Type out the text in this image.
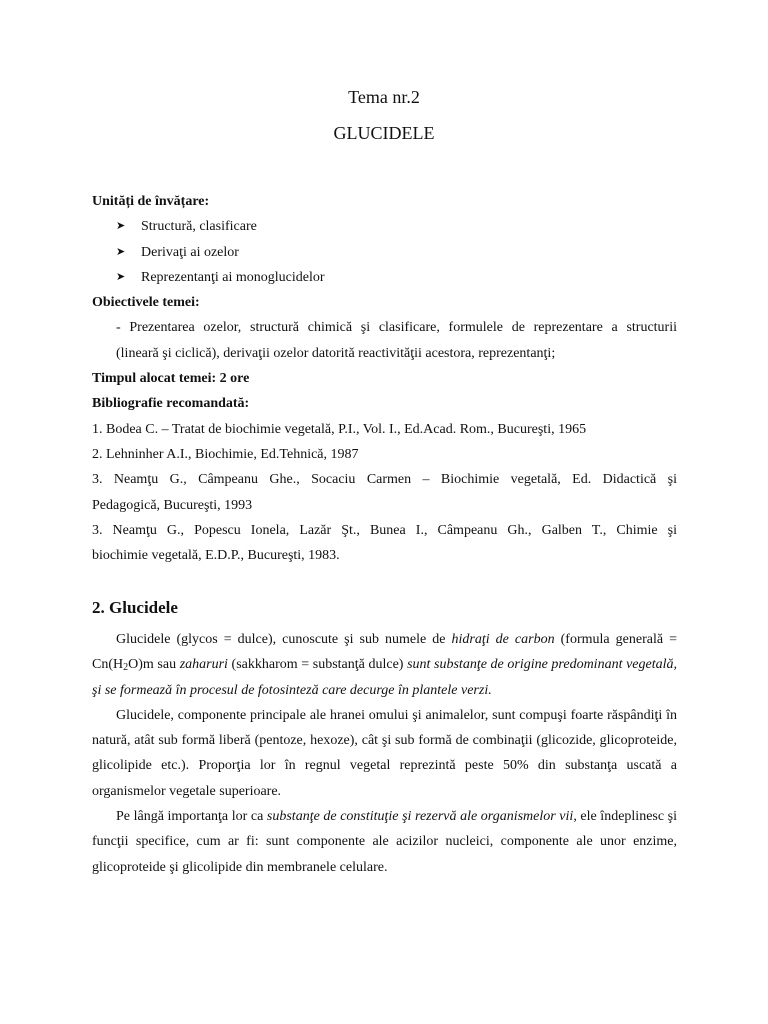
Tema nr.2
GLUCIDELE
Unități de învățare:
➤ Structură, clasificare
➤ Derivaţi ai ozelor
➤ Reprezentanţi ai monoglucidelor
Obiectivele temei:
- Prezentarea ozelor, structură chimică şi clasificare, formulele de reprezentare a structurii
(lineară şi ciclică), derivaţii ozelor datorită reactivităţii acestora, reprezentanţi;
Timpul alocat temei: 2 ore
Bibliografie recomandată:
1. Bodea C. – Tratat de biochimie vegetală, P.I., Vol. I., Ed.Acad. Rom., Bucureşti, 1965
2. Lehninher A.I., Biochimie, Ed.Tehnică, 1987
3. Neamţu G., Câmpeanu Ghe., Socaciu Carmen – Biochimie vegetală, Ed. Didactică şi
Pedagogică, Bucureşti, 1993
3. Neamţu G., Popescu Ionela, Lazăr Şt., Bunea I., Câmpeanu Gh., Galben T., Chimie şi
biochimie vegetală, E.D.P., Bucureşti, 1983.
2. Glucidele

Glucidele (glycos = dulce), cunoscute şi sub numele de hidraţi de carbon (formula generală = $Cn(H_2O)m$ sau zaharuri (sakkharom = substanţă dulce) sunt substanţe de origine predominant vegetală, şi se formează în procesul de fotosinteză care decurge în plantele verzi.

Glucidele, componente principale ale hranei omului şi animalelor, sunt compuşi foarte răspândiţi în natură, atât sub formă liberă (pentoze, hexoze), cât şi sub formă de combinaţii (glicozide, glicoproteide, glicolipide etc.). Proporţia lor în regnul vegetal reprezintă peste 50% din substanţa uscată a organismelor vegetale superioare.

Pe lângă importanţa lor ca substanţe de constituţie şi rezervă ale organismelor vii, ele îndeplinesc şi funcţii specifice, cum ar fi: sunt componente ale acizilor nucleici, componente ale unor enzime, glicoproteide şi glicolipide din membranele celulare.
